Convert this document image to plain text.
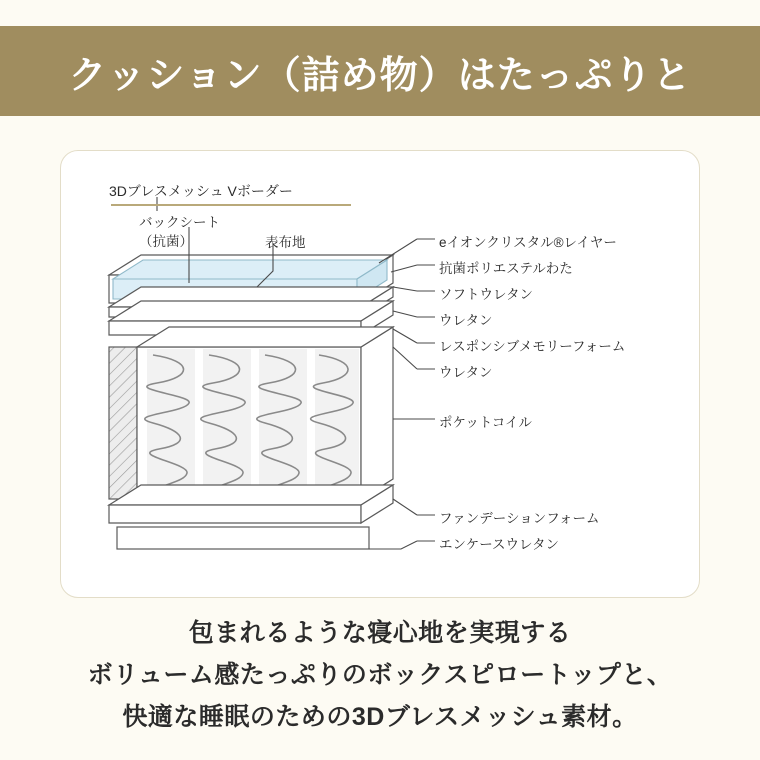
クッション（詰め物）はたっぷりと
3Dブレスメッシュ Vボーダー
バックシート
（抗菌）	表布地	eイオンクリスタル®レイヤー
抗菌ポリエステルわた
ソフトウレタン
ウレタン
レスポンシブメモリーフォーム
ウレタン
ポケットコイル
ファンデーションフォーム
エンケースウレタン
包まれるような寝心地を実現する
ボリューム感たっぷりのボックスピロートップと、
快適な睡眠のための3Dブレスメッシュ素材。
